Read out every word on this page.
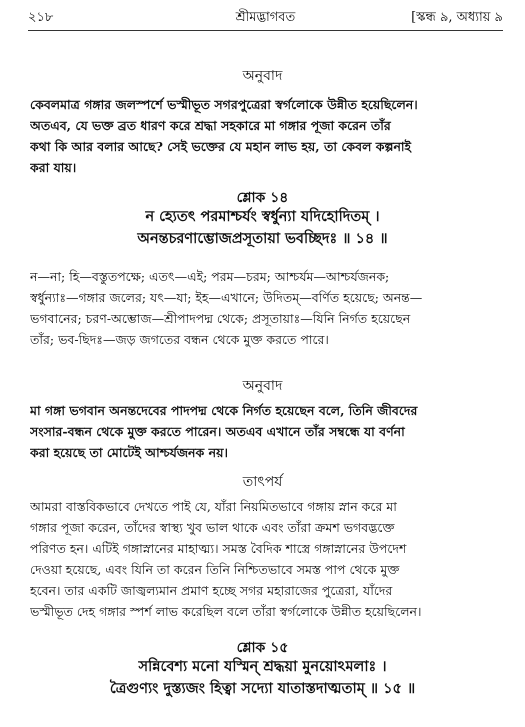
২১৮	শ্রীমদ্ভাগবত	[স্কন্ধ ৯, অধ্যায় ৯
অনুবাদ
কেবলমাত্র গঙ্গার জলস্পর্শে ভস্মীভূত সগরপুত্রেরা স্বর্গলোকে উন্নীত হয়েছিলেন।
অতএব, যে ভক্ত ব্রত ধারণ করে শ্রদ্ধা সহকারে মা গঙ্গার পূজা করেন তাঁর
কথা কি আর বলার আছে? সেই ভক্তের যে মহান লাভ হয়, তা কেবল কল্পনাই
করা যায়।
শ্লোক ১৪
ন হ্যেতৎ পরমাশ্চর্যং স্বর্ধুন্যা যদিহোদিতম্ ।
অনন্তচরণাম্ভোজপ্রসূতায়া ভবচ্ছিদঃ ॥ ১৪ ॥
ন—না; হি—বস্তুতপক্ষে; এতৎ—এই; পরম—চরম; আশ্চর্যম—আশ্চর্যজনক;
স্বর্ধুন্যাঃ—গঙ্গার জলের; যৎ—যা; ইহ—এখানে; উদিতম্—বর্ণিত হয়েছে; অনন্ত—
ভগবানের; চরণ-অম্ভোজ—শ্রীপাদপদ্ম থেকে; প্রসূতায়াঃ—যিনি নির্গত হয়েছেন
তাঁর; ভব-ছিদঃ—জড় জগতের বন্ধন থেকে মুক্ত করতে পারে।
অনুবাদ
মা গঙ্গা ভগবান অনন্তদেবের পাদপদ্ম থেকে নির্গত হয়েছেন বলে, তিনি জীবদের
সংসার-বন্ধন থেকে মুক্ত করতে পারেন। অতএব এখানে তাঁর সম্বন্ধে যা বর্ণনা
করা হয়েছে তা মোটেই আশ্চর্যজনক নয়।
তাৎপর্য
আমরা বাস্তবিকভাবে দেখতে পাই যে, যাঁরা নিয়মিতভাবে গঙ্গায় স্নান করে মা
গঙ্গার পূজা করেন, তাঁদের স্বাস্থ্য খুব ভাল থাকে এবং তাঁরা ক্রমশ ভগবদ্ভক্তে
পরিণত হন। এটিই গঙ্গাস্নানের মাহাত্ম্য। সমস্ত বৈদিক শাস্ত্রে গঙ্গাস্নানের উপদেশ
দেওয়া হয়েছে, এবং যিনি তা করেন তিনি নিশ্চিতভাবে সমস্ত পাপ থেকে মুক্ত
হবেন। তার একটি জাজ্বল্যমান প্রমাণ হচ্ছে সগর মহারাজের পুত্রেরা, যাঁদের
ভস্মীভূত দেহ গঙ্গার স্পর্শ লাভ করেছিল বলে তাঁরা স্বর্গলোকে উন্নীত হয়েছিলেন।
শ্লোক ১৫
সন্নিবেশ্য মনো যস্মিন্ শ্রদ্ধয়া মুনয়োঽমলাঃ ।
ত্রৈগুণ্যং দুস্ত্যজং হিত্বা সদ্যো যাতাস্তদাত্মতাম্ ॥ ১৫ ॥
